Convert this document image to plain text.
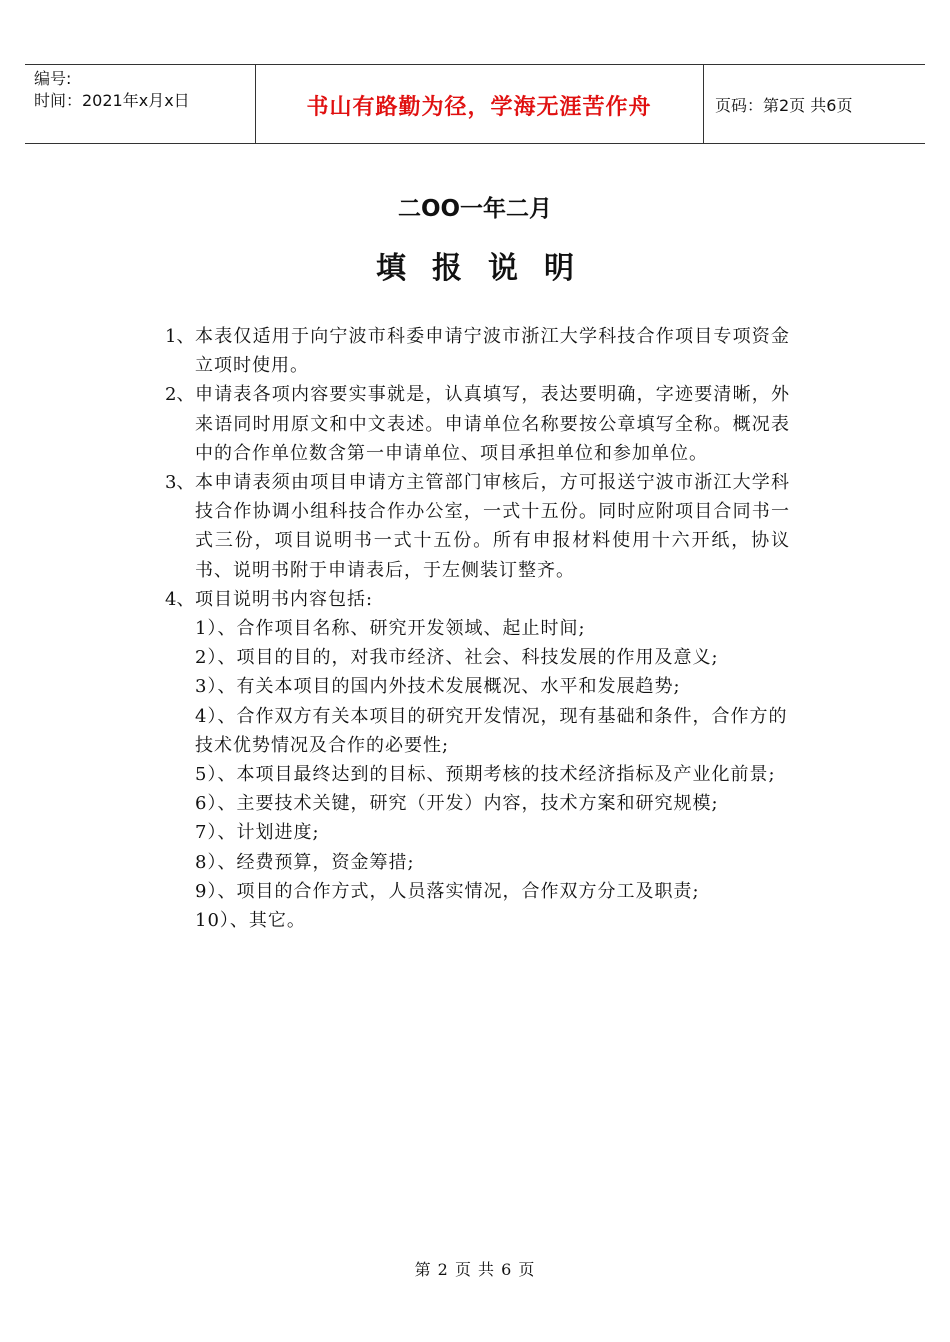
编号:
时间：2021年x月x日	书山有路勤为径，学海无涯苦作舟	页码：第2页 共6页
二OO一年二月
填报说明
1、 本表仅适用于向宁波市科委申请宁波市浙江大学科技合作项目专项资金立项时使用。
2、 申请表各项内容要实事就是，认真填写，表达要明确，字迹要清晰，外来语同时用原文和中文表述。申请单位名称要按公章填写全称。概况表中的合作单位数含第一申请单位、项目承担单位和参加单位。
3、 本申请表须由项目申请方主管部门审核后，方可报送宁波市浙江大学科技合作协调小组科技合作办公室，一式十五份。同时应附项目合同书一式三份，项目说明书一式十五份。所有申报材料使用十六开纸，协议书、说明书附于申请表后，于左侧装订整齐。
4、 项目说明书内容包括:
1）、合作项目名称、研究开发领域、起止时间;
2）、项目的目的，对我市经济、社会、科技发展的作用及意义;
3）、有关本项目的国内外技术发展概况、水平和发展趋势;
4）、合作双方有关本项目的研究开发情况，现有基础和条件，合作方的技术优势情况及合作的必要性;
5）、本项目最终达到的目标、预期考核的技术经济指标及产业化前景;
6）、主要技术关键，研究（开发）内容，技术方案和研究规模;
7）、计划进度;
8）、经费预算，资金筹措;
9）、项目的合作方式，人员落实情况，合作双方分工及职责;
10）、其它。
第 2 页 共 6 页
